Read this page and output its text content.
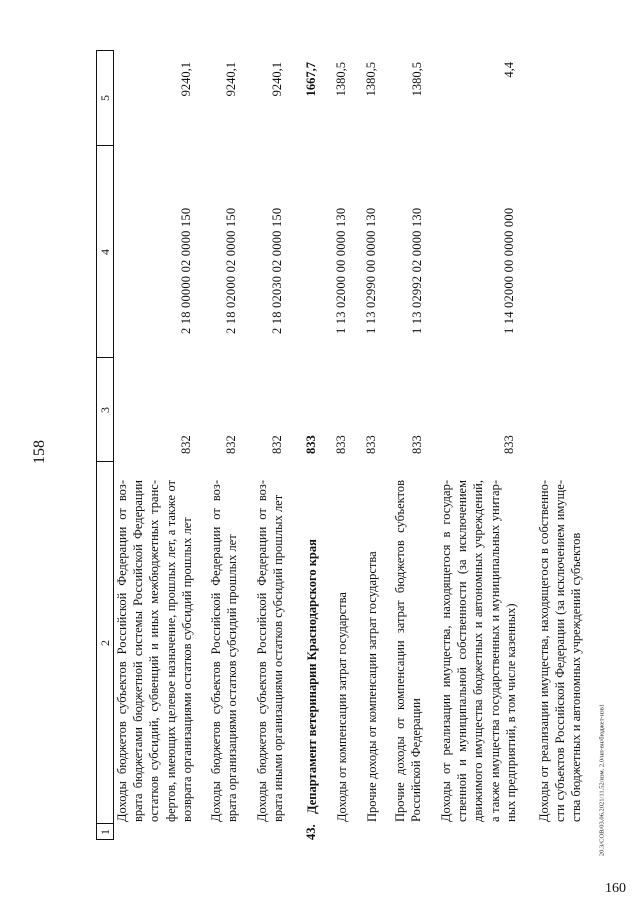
158
1
2
3
4
5
Доходы бюджетов субъектов Российской Федерации от возврата бюджетами бюджетной системы Российской Федерации остатков субсидий, субвенций и иных межбюджетных трансфертов, имеющих целевое назначение, прошлых лет, а также от возврата организациями остатков субсидий прошлых лет
832
2 18 00000 02 0000 150
9240,1
Доходы бюджетов субъектов Российской Федерации от возврата организациями остатков субсидий прошлых лет
832
2 18 02000 02 0000 150
9240,1
Доходы бюджетов субъектов Российской Федерации от возврата иными организациями остатков субсидий прошлых лет
832
2 18 02030 02 0000 150
9240,1
43.
Департамент ветеринарии Краснодарского края
833
1667,7
Доходы от компенсации затрат государства
833
1 13 02000 00 0000 130
1380,5
Прочие доходы от компенсации затрат государства
833
1 13 02990 00 0000 130
1380,5
Прочие доходы от компенсации затрат бюджетов субъектов Российской Федерации
833
1 13 02992 02 0000 130
1380,5
Доходы от реализации имущества, находящегося в государственной и муниципальной собственности (за исключением движимого имущества бюджетных и автономных учреждений, а также имущества государственных и муниципальных унитарных предприятий, в том числе казенных)
833
1 14 02000 00 0000 000
4,4
Доходы от реализации имущества, находящегося в собственности субъектов Российской Федерации (за исключением имущества бюджетных и автономных учреждений субъектов 20.3/СОВ/03.06.2021/11.52/изм. 2.0/нп-вн/бюджет-нзв1
160
